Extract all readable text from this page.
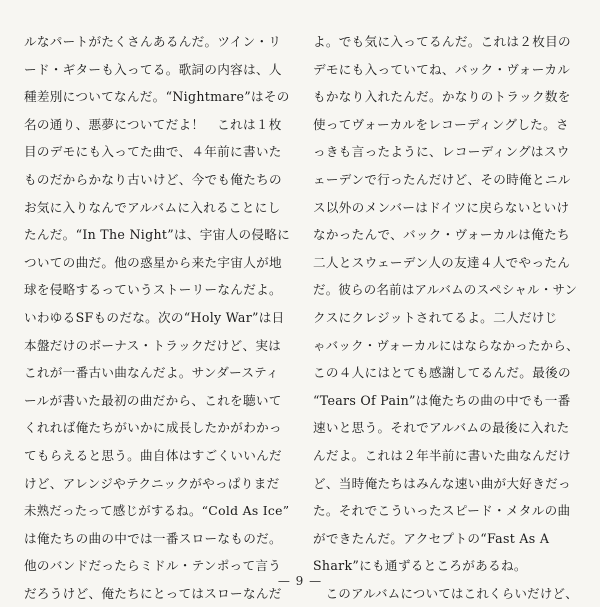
ルなパートがたくさんあるんだ。ツイン・リ
ード・ギターも入ってる。歌詞の内容は、人
種差別についてなんだ。“Nightmare”はその
名の通り、悪夢についてだよ！　これは１枚
目のデモにも入ってた曲で、４年前に書いた
ものだからかなり古いけど、今でも俺たちの
お気に入りなんでアルバムに入れることにし
たんだ。“In The Night”は、宇宙人の侵略に
ついての曲だ。他の惑星から来た宇宙人が地
球を侵略するっていうストーリーなんだよ。
いわゆるSFものだな。次の“Holy War”は日
本盤だけのボーナス・トラックだけど、実は
これが一番古い曲なんだよ。サンダースティ
ールが書いた最初の曲だから、これを聴いて
くれれば俺たちがいかに成長したかがわかっ
てもらえると思う。曲自体はすごくいいんだ
けど、アレンジやテクニックがやっぱりまだ
未熟だったって感じがするね。“Cold As Ice”
は俺たちの曲の中では一番スローなものだ。
他のバンドだったらミドル・テンポって言う
だろうけど、俺たちにとってはスローなんだ
よ。でも気に入ってるんだ。これは２枚目の
デモにも入っていてね、バック・ヴォーカル
もかなり入れたんだ。かなりのトラック数を
使ってヴォーカルをレコーディングした。さ
っきも言ったように、レコーディングはスウ
ェーデンで行ったんだけど、その時俺とニル
ス以外のメンバーはドイツに戻らないといけ
なかったんで、バック・ヴォーカルは俺たち
二人とスウェーデン人の友達４人でやったん
だ。彼らの名前はアルバムのスペシャル・サン
クスにクレジットされてるよ。二人だけじ
ゃバック・ヴォーカルにはならなかったから、
この４人にはとても感謝してるんだ。最後の
“Tears Of Pain”は俺たちの曲の中でも一番
速いと思う。それでアルバムの最後に入れた
んだよ。これは２年半前に書いた曲なんだけ
ど、当時俺たちはみんな速い曲が大好きだっ
た。それでこういったスピード・メタルの曲
ができたんだ。アクセプトの“Fast As A
Shark”にも通ずるところがあるね。
　このアルバムについてはこれくらいだけど、
— 9 —
